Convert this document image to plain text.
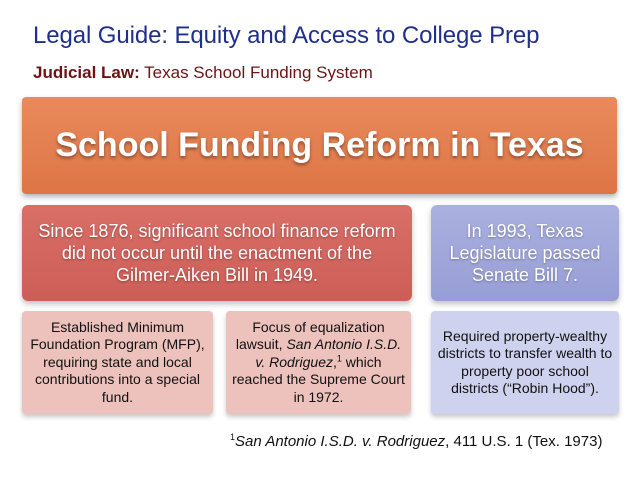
Legal Guide: Equity and Access to College Prep
Judicial Law: Texas School Funding System
School Funding Reform in Texas
Since 1876, significant school finance reform did not occur until the enactment of the Gilmer-Aiken Bill in 1949.
In 1993, Texas Legislature passed Senate Bill 7.
Established Minimum Foundation Program (MFP), requiring state and local contributions into a special fund.
Focus of equalization lawsuit, San Antonio I.S.D. v. Rodriguez,$^1$ which reached the Supreme Court in 1972.
Required property-wealthy districts to transfer wealth to property poor school districts (“Robin Hood”).
$^1$San Antonio I.S.D. v. Rodriguez, 411 U.S. 1 (Tex. 1973)
